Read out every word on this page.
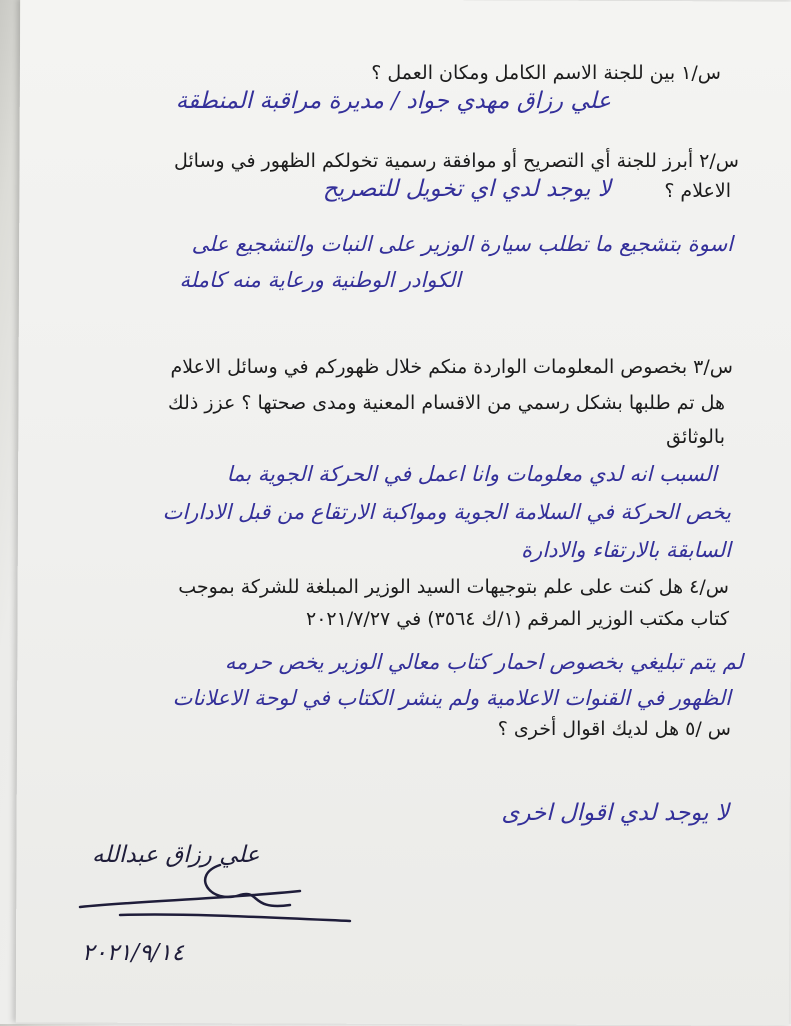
س/١ بين للجنة الاسم الكامل ومكان العمل ؟
علي رزاق مهدي جواد / مديرة مراقبة المنطقة
س/٢ أبرز للجنة أي التصريح أو موافقة رسمية تخولكم الظهور في وسائل
الاعلام ؟
لا يوجد لدي اي تخويل للتصريح
اسوة بتشجيع ما تطلب سيارة الوزير على النبات والتشجيع على
الكوادر الوطنية ورعاية منه كاملة
س/٣ بخصوص المعلومات الواردة منكم خلال ظهوركم في وسائل الاعلام
هل تم طلبها بشكل رسمي من الاقسام المعنية ومدى صحتها ؟ عزز ذلك
بالوثائق
السبب انه لدي معلومات وانا اعمل في الحركة الجوية بما
يخص الحركة في السلامة الجوية ومواكبة الارتقاع من قبل الادارات
السابقة بالارتقاء والادارة
س/٤ هل كنت على علم بتوجيهات السيد الوزير المبلغة للشركة بموجب
كتاب مكتب الوزير المرقم (١/ك ٣٥٦٤) في ٢٠٢١/٧/٢٧
لم يتم تبليغي بخصوص احمار كتاب معالي الوزير يخص حرمه
الظهور في القنوات الاعلامية ولم ينشر الكتاب في لوحة الاعلانات
س /٥ هل لديك اقوال أخرى ؟
لا يوجد لدي اقوال اخرى
علي رزاق عبدالله
٢٠٢١/٩/١٤
